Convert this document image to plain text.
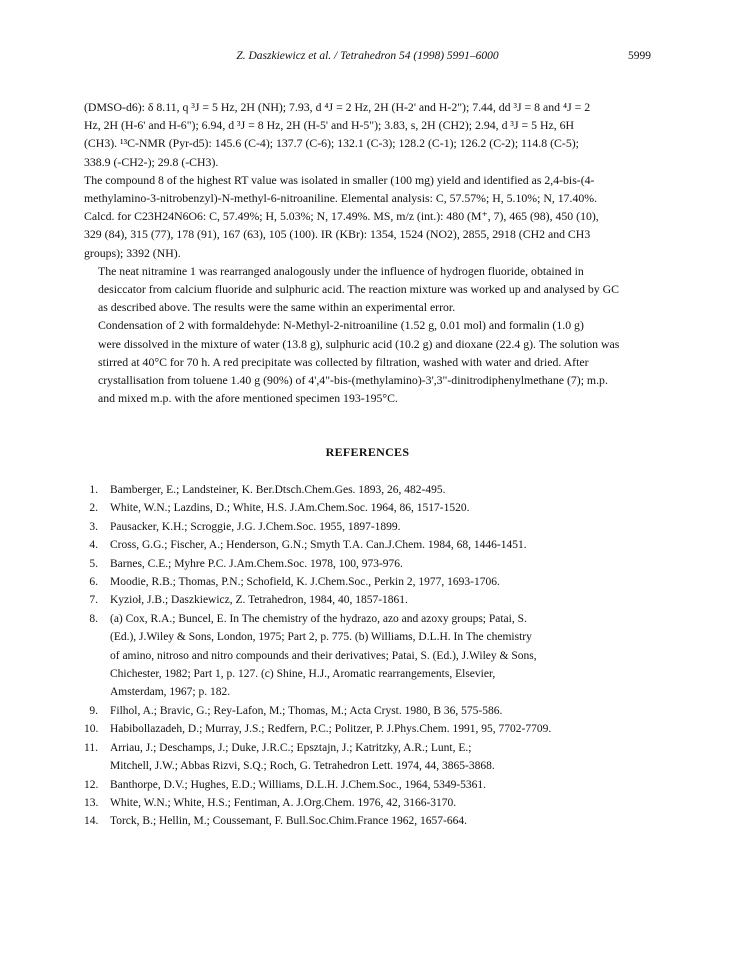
Z. Daszkiewicz et al. / Tetrahedron 54 (1998) 5991–6000	5999

(DMSO-d6): δ 8.11, q ³J = 5 Hz, 2H (NH); 7.93, d ⁴J = 2 Hz, 2H (H-2' and H-2"); 7.44, dd ³J = 8 and ⁴J = 2
Hz, 2H (H-6' and H-6"); 6.94, d ³J = 8 Hz, 2H (H-5' and H-5"); 3.83, s, 2H (CH2); 2.94, d ³J = 5 Hz, 6H
(CH3). ¹³C-NMR (Pyr-d5): 145.6 (C-4); 137.7 (C-6); 132.1 (C-3); 128.2 (C-1); 126.2 (C-2); 114.8 (C-5);
338.9 (-CH2-); 29.8 (-CH3).

The compound 8 of the highest RT value was isolated in smaller (100 mg) yield and identified as 2,4-bis-(4-
methylamino-3-nitrobenzyl)-N-methyl-6-nitroaniline. Elemental analysis: C, 57.57%; H, 5.10%; N, 17.40%.
Calcd. for C23H24N6O6: C, 57.49%; H, 5.03%; N, 17.49%. MS, m/z (int.): 480 (M⁺, 7), 465 (98), 450 (10),
329 (84), 315 (77), 178 (91), 167 (63), 105 (100). IR (KBr): 1354, 1524 (NO2), 2855, 2918 (CH2 and CH3
groups); 3392 (NH).

The neat nitramine 1 was rearranged analogously under the influence of hydrogen fluoride, obtained in
desiccator from calcium fluoride and sulphuric acid. The reaction mixture was worked up and analysed by GC
as described above. The results were the same within an experimental error.

Condensation of 2 with formaldehyde: N-Methyl-2-nitroaniline (1.52 g, 0.01 mol) and formalin (1.0 g)
were dissolved in the mixture of water (13.8 g), sulphuric acid (10.2 g) and dioxane (22.4 g). The solution was
stirred at 40°C for 70 h. A red precipitate was collected by filtration, washed with water and dried. After
crystallisation from toluene 1.40 g (90%) of 4',4"-bis-(methylamino)-3',3"-dinitrodiphenylmethane (7); m.p.
and mixed m.p. with the afore mentioned specimen 193-195°C.

REFERENCES
1. Bamberger, E.; Landsteiner, K. Ber.Dtsch.Chem.Ges. 1893, 26, 482-495.
2. White, W.N.; Lazdins, D.; White, H.S. J.Am.Chem.Soc. 1964, 86, 1517-1520.
3. Pausacker, K.H.; Scroggie, J.G. J.Chem.Soc. 1955, 1897-1899.
4. Cross, G.G.; Fischer, A.; Henderson, G.N.; Smyth T.A. Can.J.Chem. 1984, 68, 1446-1451.
5. Barnes, C.E.; Myhre P.C. J.Am.Chem.Soc. 1978, 100, 973-976.
6. Moodie, R.B.; Thomas, P.N.; Schofield, K. J.Chem.Soc., Perkin 2, 1977, 1693-1706.
7. Kyzioł, J.B.; Daszkiewicz, Z. Tetrahedron, 1984, 40, 1857-1861.
8. (a) Cox, R.A.; Buncel, E. In The chemistry of the hydrazo, azo and azoxy groups; Patai, S.
(Ed.), J.Wiley & Sons, London, 1975; Part 2, p. 775. (b) Williams, D.L.H. In The chemistry
of amino, nitroso and nitro compounds and their derivatives; Patai, S. (Ed.), J.Wiley & Sons,
Chichester, 1982; Part 1, p. 127. (c) Shine, H.J., Aromatic rearrangements, Elsevier,
Amsterdam, 1967; p. 182.
9. Filhol, A.; Bravic, G.; Rey-Lafon, M.; Thomas, M.; Acta Cryst. 1980, B 36, 575-586.
10. Habibollazadeh, D.; Murray, J.S.; Redfern, P.C.; Politzer, P. J.Phys.Chem. 1991, 95, 7702-7709.
11. Arriau, J.; Deschamps, J.; Duke, J.R.C.; Epsztajn, J.; Katritzky, A.R.; Lunt, E.;
Mitchell, J.W.; Abbas Rizvi, S.Q.; Roch, G. Tetrahedron Lett. 1974, 44, 3865-3868.
12. Banthorpe, D.V.; Hughes, E.D.; Williams, D.L.H. J.Chem.Soc., 1964, 5349-5361.
13. White, W.N.; White, H.S.; Fentiman, A. J.Org.Chem. 1976, 42, 3166-3170.
14. Torck, B.; Hellin, M.; Coussemant, F. Bull.Soc.Chim.France 1962, 1657-664.
